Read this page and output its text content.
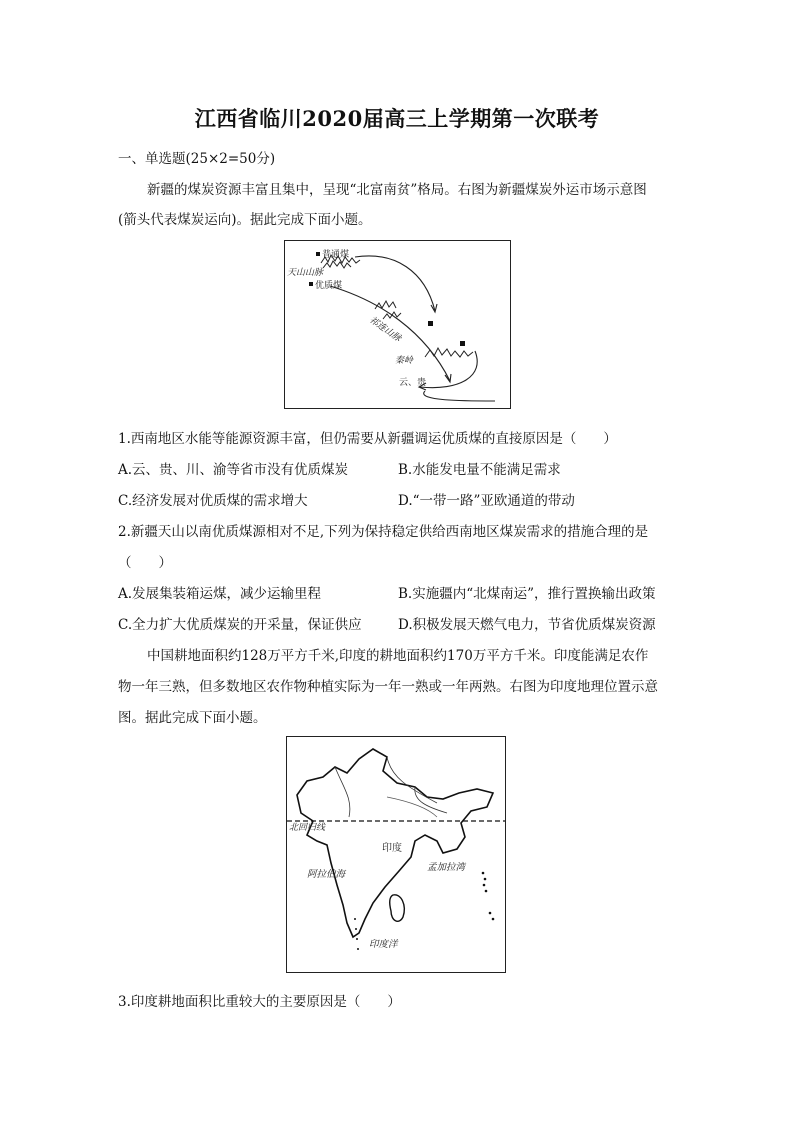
江西省临川2020届高三上学期第一次联考
一、单选题(25×2=50分)
新疆的煤炭资源丰富且集中，呈现“北富南贫”格局。右图为新疆煤炭外运市场示意图
(箭头代表煤炭运向)。据此完成下面小题。
普通煤
天山山脉
优质煤
祁连山脉
秦岭
云、贵
1.西南地区水能等能源资源丰富，但仍需要从新疆调运优质煤的直接原因是（　　）
A.云、贵、川、渝等省市没有优质煤炭	B.水能发电量不能满足需求
C.经济发展对优质煤的需求增大	D.“一带一路”亚欧通道的带动
2.新疆天山以南优质煤源相对不足,下列为保持稳定供给西南地区煤炭需求的措施合理的是
（　　）
A.发展集装箱运煤，减少运输里程	B.实施疆内“北煤南运”，推行置换输出政策
C.全力扩大优质煤炭的开采量，保证供应	D.积极发展天燃气电力，节省优质煤炭资源
中国耕地面积约128万平方千米,印度的耕地面积约170万平方千米。印度能满足农作
物一年三熟，但多数地区农作物种植实际为一年一熟或一年两熟。右图为印度地理位置示意
图。据此完成下面小题。
北回归线
印度
阿拉伯海
孟加拉湾
印度洋
3.印度耕地面积比重较大的主要原因是（　　）
